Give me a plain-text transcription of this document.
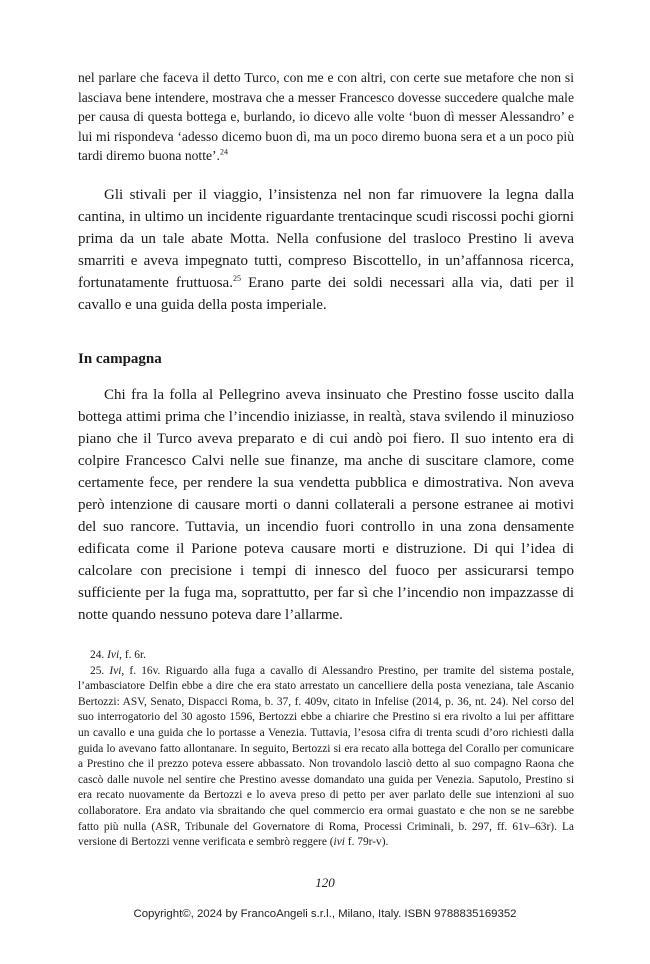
nel parlare che faceva il detto Turco, con me e con altri, con certe sue metafore che non si lasciava bene intendere, mostrava che a messer Francesco dovesse succedere qualche male per causa di questa bottega e, burlando, io dicevo alle volte ‘buon dì messer Alessandro’ e lui mi rispondeva ‘adesso dicemo buon dì, ma un poco diremo buona sera et a un poco più tardi diremo buona notte’.$^{24}$

Gli stivali per il viaggio, l’insistenza nel non far rimuovere la legna dalla cantina, in ultimo un incidente riguardante trentacinque scudi riscossi pochi giorni prima da un tale abate Motta. Nella confusione del trasloco Prestino li aveva smarriti e aveva impegnato tutti, compreso Biscottello, in un’affannosa ricerca, fortunatamente fruttuosa.$^{25}$ Erano parte dei soldi necessari alla via, dati per il cavallo e una guida della posta imperiale.

In campagna

Chi fra la folla al Pellegrino aveva insinuato che Prestino fosse uscito dalla bottega attimi prima che l’incendio iniziasse, in realtà, stava svilendo il minuzioso piano che il Turco aveva preparato e di cui andò poi fiero. Il suo intento era di colpire Francesco Calvi nelle sue finanze, ma anche di suscitare clamore, come certamente fece, per rendere la sua vendetta pubblica e dimostrativa. Non aveva però intenzione di causare morti o danni collaterali a persone estranee ai motivi del suo rancore. Tuttavia, un incendio fuori controllo in una zona densamente edificata come il Parione poteva causare morti e distruzione. Di qui l’idea di calcolare con precisione i tempi di innesco del fuoco per assicurarsi tempo sufficiente per la fuga ma, soprattutto, per far sì che l’incendio non impazzasse di notte quando nessuno poteva dare l’allarme.

24. Ivi, f. 6r.

25. Ivi, f. 16v. Riguardo alla fuga a cavallo di Alessandro Prestino, per tramite del sistema postale, l’ambasciatore Delfin ebbe a dire che era stato arrestato un cancelliere della posta veneziana, tale Ascanio Bertozzi: ASV, Senato, Dispacci Roma, b. 37, f. 409v, citato in Infelise (2014, p. 36, nt. 24). Nel corso del suo interrogatorio del 30 agosto 1596, Bertozzi ebbe a chiarire che Prestino si era rivolto a lui per affittare un cavallo e una guida che lo portasse a Venezia. Tuttavia, l’esosa cifra di trenta scudi d’oro richiesti dalla guida lo avevano fatto allontanare. In seguito, Bertozzi si era recato alla bottega del Corallo per comunicare a Prestino che il prezzo poteva essere abbassato. Non trovandolo lasciò detto al suo compagno Raona che cascò dalle nuvole nel sentire che Prestino avesse domandato una guida per Venezia. Saputolo, Prestino si era recato nuovamente da Bertozzi e lo aveva preso di petto per aver parlato delle sue intenzioni al suo collaboratore. Era andato via sbraitando che quel commercio era ormai guastato e che non se ne sarebbe fatto più nulla (ASR, Tribunale del Governatore di Roma, Processi Criminali, b. 297, ff. 61v–63r). La versione di Bertozzi venne verificata e sembrò reggere (ivi f. 79r-v).

120
Copyright©, 2024 by FrancoAngeli s.r.l., Milano, Italy. ISBN 9788835169352
